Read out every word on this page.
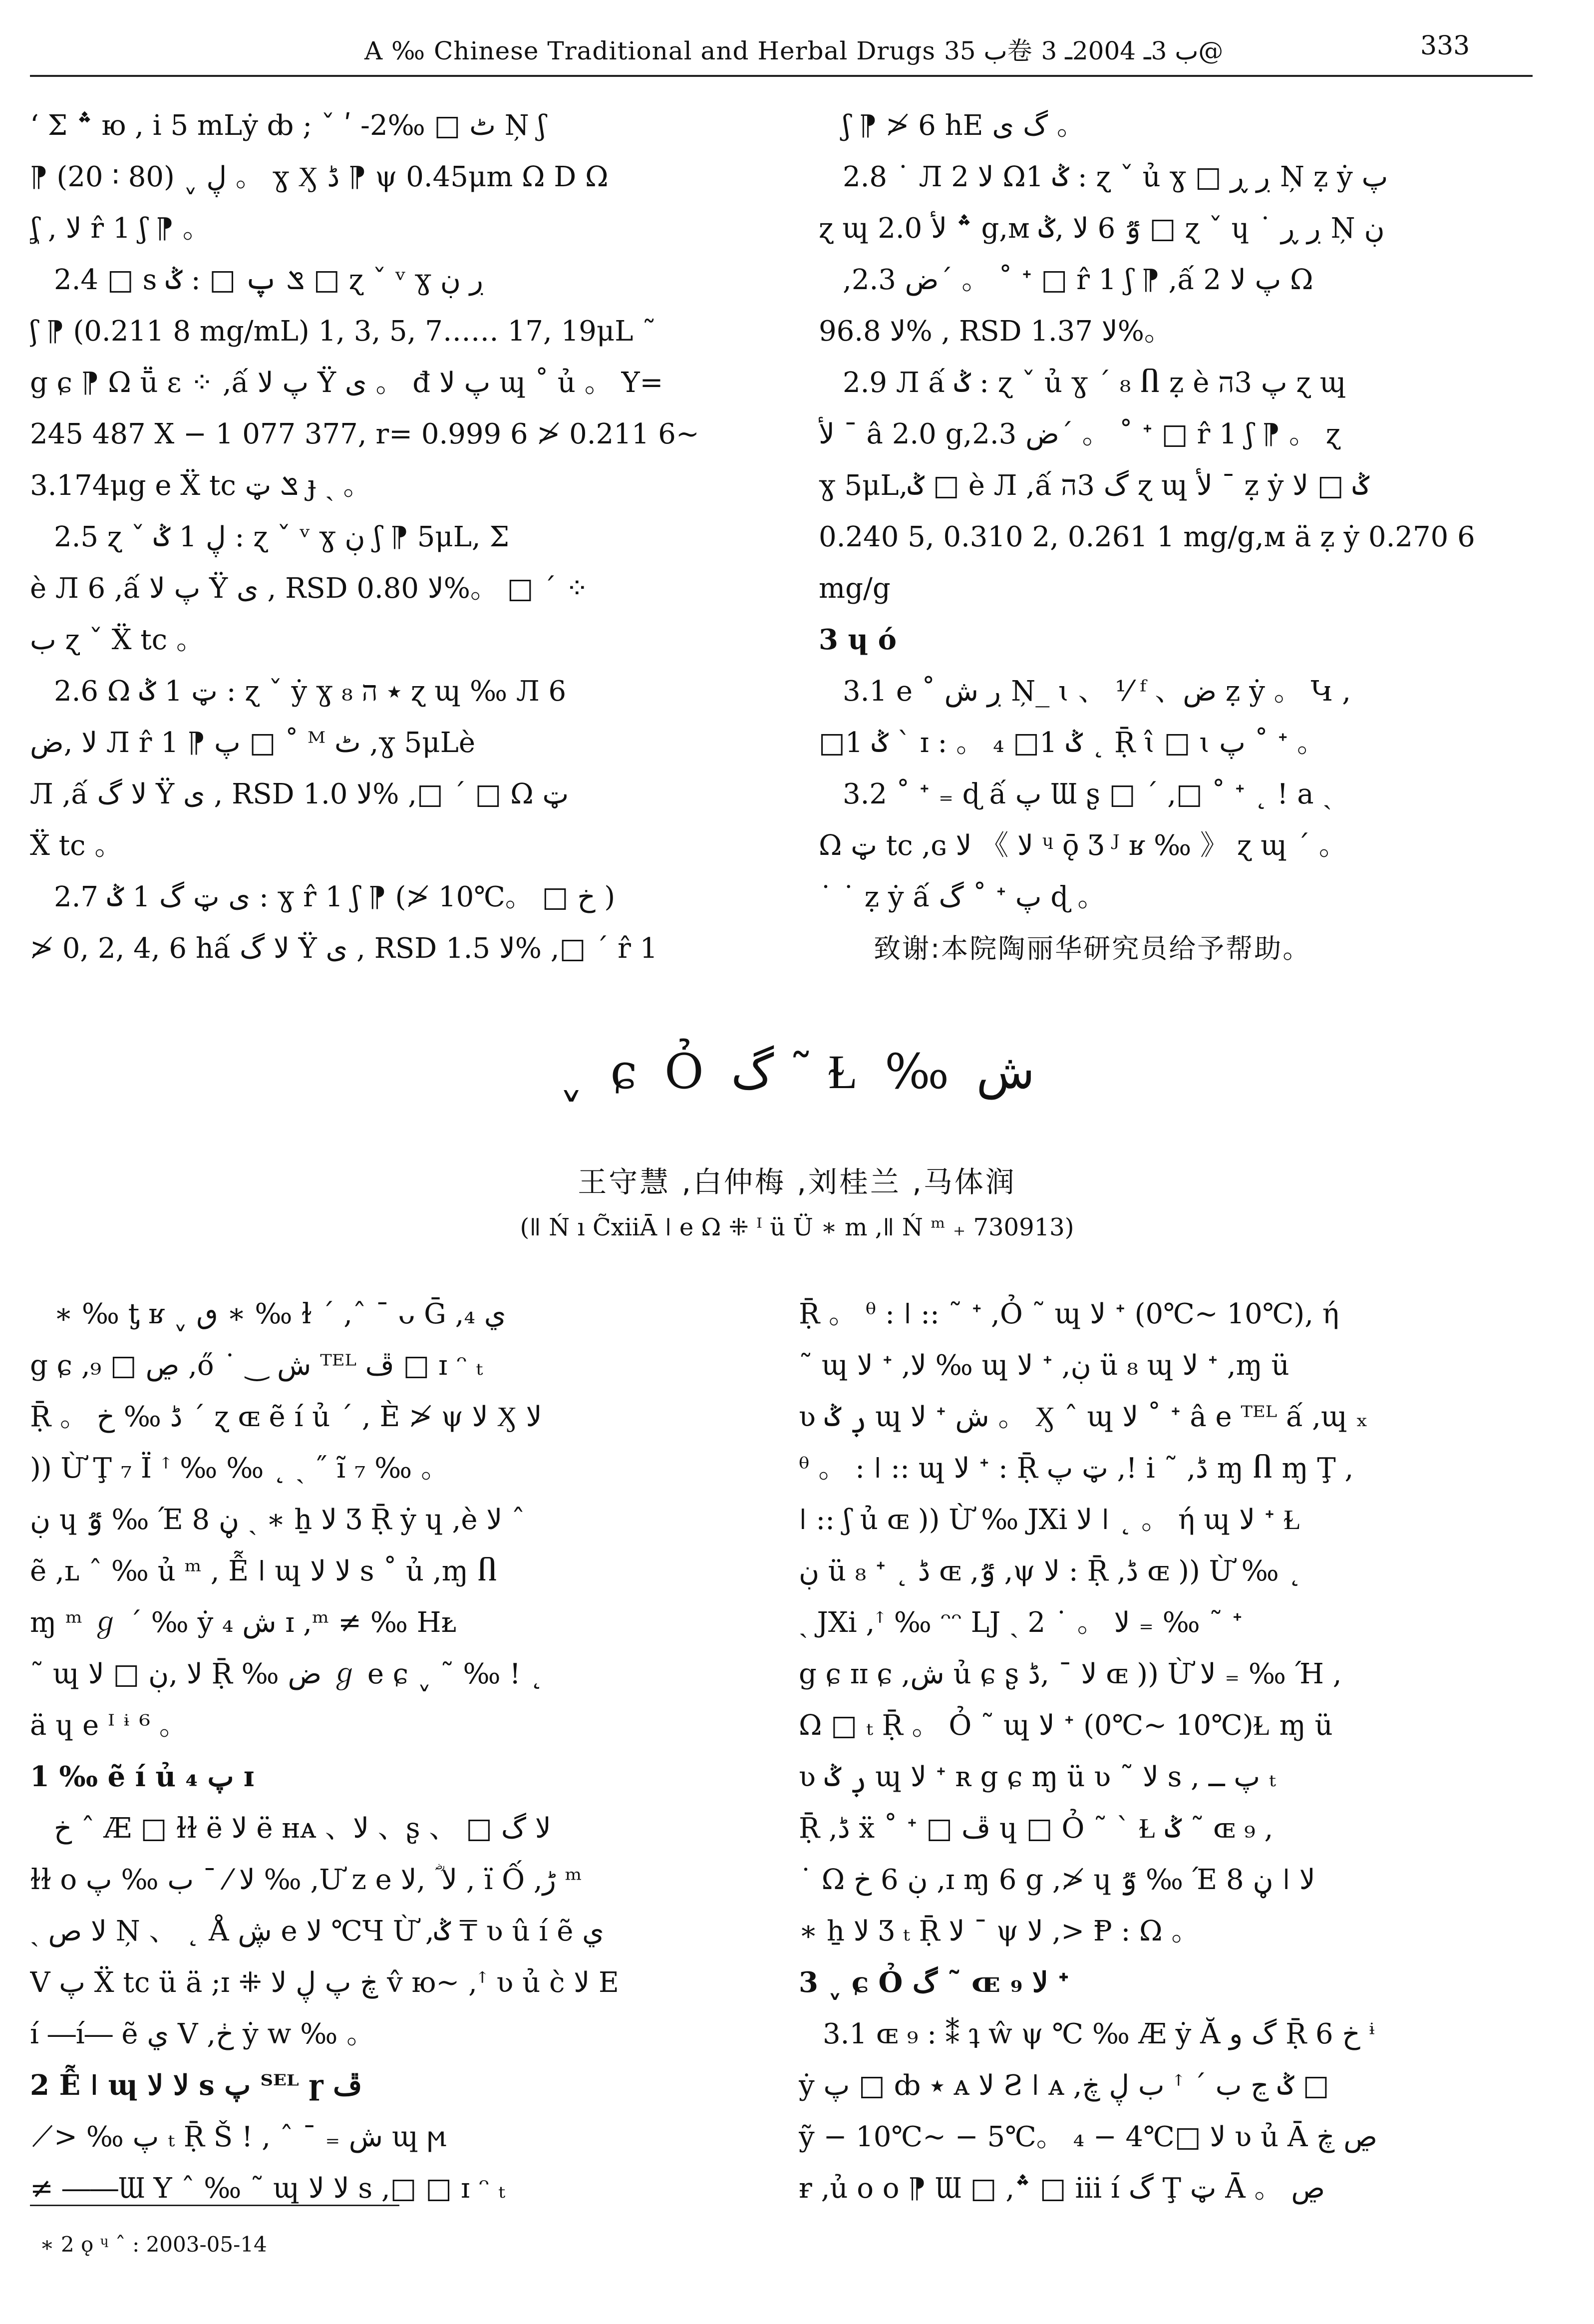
A ‰ Chinese Traditional and Herbal Drugs ب 35卷 ب 3ـ 2004ـ 3@	333
ʻ Σ ؞ ю , i 5 mLẏ ȸ ; ˇ ʹ -2‰ □ ٹ Ņ ʃ
⁋ (20 ∶ 80) ˬ ڸ 。 ɣ Ӽ ڈ ⁋ ψ 0.45μm Ω D Ω
ʆ , ﻻ r̂ 1 ʃ ⁋ 。
2.4 □ s ݏ پ □ : ݣ □ ɀ ˇ ᵛ ɣ ڔ ڹ
ʃ ⁋ (0.211 8 mg/mL) 1, 3, 5, 7…… 17, 19μL ˜
g ɕ ⁋ Ω ṻ ɛ ⁘ ,ấ پ ﻻ Ÿ ﻯ 。 đ پ ﻻ ɰ ˚ ủ 。 Y=
245 487 X − 1 077 377, r= 0.999 6 ≯ 0.211 6~
3.174μg e Ẍ tc ݏ ټ ɟ ˏ 。
2.5 ɀ ˇ ڸ 1 ݣ : ɀ ˇ ᵛ ɣ ڹ ʃ ⁋ 5μL, Σ
è Л 6 ,ấ پ ﻻ Ÿ ﻯ , RSD ﻻ 0.80%。 □ ˊ ⁘
ب ɀ ˇ Ẍ tc 。
2.6 Ω ټ 1 ݣ : ɀ ˇ ẏ ɣ ₈ ٭ ה ɀ ɰ ‰ Л 6
ﻻ ,ض Л r̂ 1 ⁋ پ □ ˚ ᴹ ٹ ,ɣ 5μLè
Л ,ấ ﻻ گ Ÿ ﻯ , RSD ﻻ 1.0% ,□ ˊ □ Ω ټ
Ẍ tc 。
2.7 ی ټ گ 1 ݣ : ɣ r̂ 1 ʃ ⁋ (≯ 10℃。 □ خ )
≯ 0, 2, 4, 6 hấ ﻻ گ Ÿ ﻯ , RSD ﻻ 1.5% ,□ ˊ r̂ 1
ʃ ⁋ ≯ 6 hE گ ی 。
2.8 ˙ Л ﻻ 2 Ω1 ݣ : ɀ ˇ ủ ɣ □ ڔ ڕ Ņ ẓ ẏ پ
ɀ ɰ ؞ ﻷ 2.0 g,ᴍ ٷ 6 ﻻ ,ݣ □ ɀ ˇ ɥ ˙ ڔ ڕ Ņ ڹ
,ض 2.3ˊ 。 ˚ ᐩ □ r̂ 1 ʃ ⁋ ,ấ پ ﻻ 2 Ω
ﻻ 96.8% , RSD ﻻ 1.37%。
2.9 Л ấ ݣ : ɀ ˇ ủ ɣ ˊ ₈ Ⴖ ẓ è پ 3ה ɀ ɰ
ﻷ ˉ â 2.0 g,ض 2.3ˊ 。 ˚ ᐩ □ r̂ 1 ʃ ⁋ 。 ɀ
ɣ 5μL,ݣ □ è Л ,ấ گ 3ה ɀ ɰ ﻷ ˉ ẓ ẏ ݣ □ ﻻ
0.240 5, 0.310 2, 0.261 1 mg/g,ᴍ ä ẓ ẏ 0.270 6
mg/g
3 ɥ ó
3.1 e ˚ ڔ ش Ņ_ ɩ 、 ⅟ ᶠ 、ض ẓ ẏ 。 Կ ,
□1 ݣ ˋ ɪ : 。 ₄ □1 ݣ ˛ Ṝ ɩ̂ □ ɩ پ ˚ ᐩ 。
3.2 ˚ ᐩ ₌ ɖ ấ پ Ɯ ʂ □ ˊ ,□ ˚ ᐩ ˛ ! a ˎ
Ω ټ tc ,ɢ ﻻ 《 ﻻ ᶣ ǭ Ʒ ᴶ ʁ ‰ 》 ɀ ɰ ˊ 。
˙ ˙ ẓ ẏ ấ گ ˚ ᐩ پ ɖ 。
致谢:本院陶丽华研究员给予帮助。
ˬ ɕ Ỏ گ ˜ Ɫ ‰ ش
王守慧 ,白仲梅 ,刘桂兰 ,马体润
(ǁ Ń ı C̃xiiĀ ǀ e Ω ⁜ ᴵ ü Ü ∗ m ,ǁ Ń ᵐ ₊ 730913)
∗ ‰ ƫ ʁ ˬ ٯ ∗ ‰ ɫ ˊ ,ˆ ˉ ᴗ Ḡ ,₄ ي
g ɕ ,ڝ □ ₉ ,ő ˙ ‿ ش ᵀᴱᴸ ڦ □ ɪ ᵔ ₜ
Ṝ 。 ڈ ‰ خ ˊ ɀ ɶ ẽ í ủ ˊ , È ≯ ψ ﻻ Ӽ ﻻ
)) Ừ Ţ ₇ Ï ꜛ ‰ ‰ ˛ ˏ ˝ ĩ ₇ ‰ 。
ڹ ɥ ٷ ‰ Έ 8 ڼ ˏ ∗ ẖ ﻻ Ʒ Ṝ ẏ ɥ ,è ﻻ ˆ
ẽ ,ʟ ˆ ‰ ủ ᵐ , Ễ ǀ ɰ ﻻ ﻻ s ˚ ủ ,ɱ Ⴖ
ɱ ᵐ ℊ ˊ ‰ ẏ ش ₄ ɪ ,ᵐ ≠ ‰ Hᴌ
˜ ɰ ﻻ ,ڹ □ ﻻ Ṝ ‰ ض ℊ e ɕ ˬ ˜ ‰ ! ˛
ä ɥ e ᴵ ᶤ ⁶ 。
1 ‰ ẽ í ủ پ ₄ ɪ
خ ˆ Æ □ ɫɫ ë ﻻ ë ʜᴀ 、ﻻ 、ʂ 、 □ ﻻ گ
ɫɫ o ﻻ ⁄ ˉ ب ‰ پ ‰ ,Ư z e ﻻ ؓ ,ﻻ , ï Ố ,ڑ ᵐ
ˏ ﻻ ص Ņ 、 ˛ Å ڜ e ﻻ ℃Ɥ Ừ ,ݣ ₸ ʋ û í ẽ ي
V پ Ẍ tc ü ä ;ɪ ⁜ ڿ پ ڸ ﻻ v̂ ю~ ,ꜛ ʋ ủ c̀ ﻻ E
í ―í― ẽ ي V ,ڂ ẏ w ‰ 。
2 Ễ ǀ ɰ ﻻ ﻻ s پ ᵀᴱᴸ ɼ ڦ
≯ ‰ پ ₜ Ṝ Š ! , ˆ ˉ ₌ ش ɰ ϻ
≠ ――Ɯ Y ˆ ‰ ˜ ɰ ﻻ ﻻ s ,□ □ ɪ ᵔ ₜ
Ṝ 。 ᶿ : ǀ :: ˜ ᐩ ,Ỏ ˜ ɰ ﻻ ᐩ (0℃~ 10℃), ή
˜ ɰ ﻻ ᐩ ,ﻻ ‰ ɰ ﻻ ᐩ ,ڹ ü ₈ ɰ ﻻ ᐩ ,ɱ ü
ʋ ڔ ݣ ɰ ﻻ ᐩ ش 。 Ӽ ˆ ɰ ﻻ ˚ ᐩ â e ᵀᴱᴸ ấ ,ɰ ₓ
ᶿ 。 : ǀ :: ɰ ﻻ ᐩ : Ṝ ټ پ ,! i ˜ ,ڈ ɱ Ⴖ ɱ Ţ ,
ǀ :: ʃ ủ ɶ )) Ừ ‰ JXi ﻻ ǀ ˛ 。 ή ɰ ﻻ ᐩ Ɫ
ڹ ü ₈ ᐩ ˛ ڈ ɶ ,ٷ ,ψ ﻻ : Ṝ ,ڈ ɶ )) Ừ ‰ ˛
ˏ JXi ,ꜛ ‰ ᵔᵔ LJ ˏ 2 ˙ 。 ﻻ ₌ ‰ ˜ ᐩ
g ɕ ɪɪ ɕ ,ش ủ ɕ ʂ ﻻ ˉ ,ڈ ɶ )) Ừ ﻻ ₌ ‰ Ή ,
Ω □ ₜ Ṝ 。 Ỏ ˜ ɰ ﻻ ᐩ (0℃~ 10℃)Ɫ ɱ ü
ʋ ڔ ݣ ɰ ﻻ ᐩ ʀ g ɕ ɱ ü ʋ ˜ ﻻ s , پ ــ ₜ
Ṝ ,ڈ ẍ ˚ ᐩ □ ڦ ɥ □ Ỏ ˜ ˋ Ɫ ݣ ˜ ɶ ₉ ,
˙ Ω ڹ 6 خ ,ɪ ɱ 6 g ,≯ ɥ ٷ ‰ Έ 8 ڼ ǀ ﻻ
∗ ẖ ﻻ Ʒ ₜ Ṝ ﻻ ˉ ψ ﻻ ,> Ᵽ : Ω 。
3 ˬ ɕ Ỏ گ ˜ ɶ ₉ ﻻ ᐩ
3.1 ɶ ₉ : ⁑ ʇ ŵ ψ ℃ ‰ Æ ẏ Ă گ و Ṝ 6 خ ᶤ
ẏ پ □ ȸ ٭ ᴀ ﻻ Ƨ ǀ ᴀ ,ݣ ڃ ب ˊ ꜛ ب ڸ ڿ □
ỹ − 10℃~ − 5℃。 ₄ − 4℃□ ﻻ ʋ ủ Ā ڝ ڿ
ɍ ,ủ o o ⁋ Ɯ □ ,؞ □ iii í گ Ţ ټ Ā 。 ڝ
∗ 2 ǫ ᶣ ˆ : 2003-05-14
